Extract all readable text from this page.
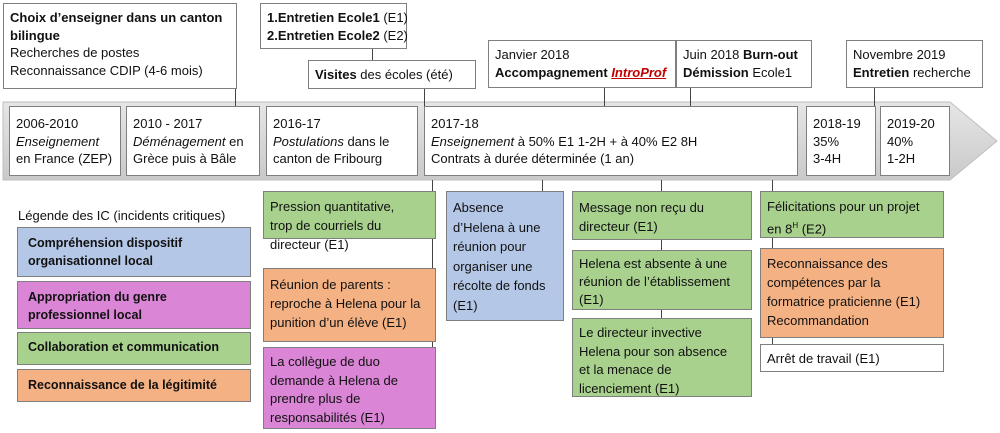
Choix d’enseigner dans un canton
bilingue
Recherches de postes
Reconnaissance CDIP (4-6 mois)
1.Entretien Ecole1 (E1)
2.Entretien Ecole2 (E2)
Visites des écoles (été)
Janvier 2018
Accompagnement IntroProf
Juin 2018 Burn-out
Démission Ecole1
Novembre 2019
Entretien recherche
2006-2010
Enseignement
en France (ZEP)
2010 - 2017
Déménagement en
Grèce puis à Bâle
2016-17
Postulations dans le
canton de Fribourg
2017-18
Enseignement à 50% E1 1-2H + à 40% E2 8H
Contrats à durée déterminée (1 an)
2018-19
35%
3-4H
2019-20
40%
1-2H
Légende des IC (incidents critiques)
Compréhension dispositif
organisationnel local
Appropriation du genre
professionnel local
Collaboration et communication
Reconnaissance de la légitimité
Pression quantitative,
trop de courriels du
directeur (E1)
Réunion de parents :
reproche à Helena pour la
punition d’un élève (E1)
La collègue de duo
demande à Helena de
prendre plus de
responsabilités (E1)
Absence
d’Helena à une
réunion pour
organiser une
récolte de fonds
(E1)
Message non reçu du
directeur (E1)
Helena est absente à une
réunion de l’établissement
(E1)
Le directeur invective
Helena pour son absence
et la menace de
licenciement (E1)
Félicitations pour un projet
en $8^H$ (E2)
Reconnaissance des
compétences par la
formatrice praticienne (E1)
Recommandation
Arrêt de travail (E1)
